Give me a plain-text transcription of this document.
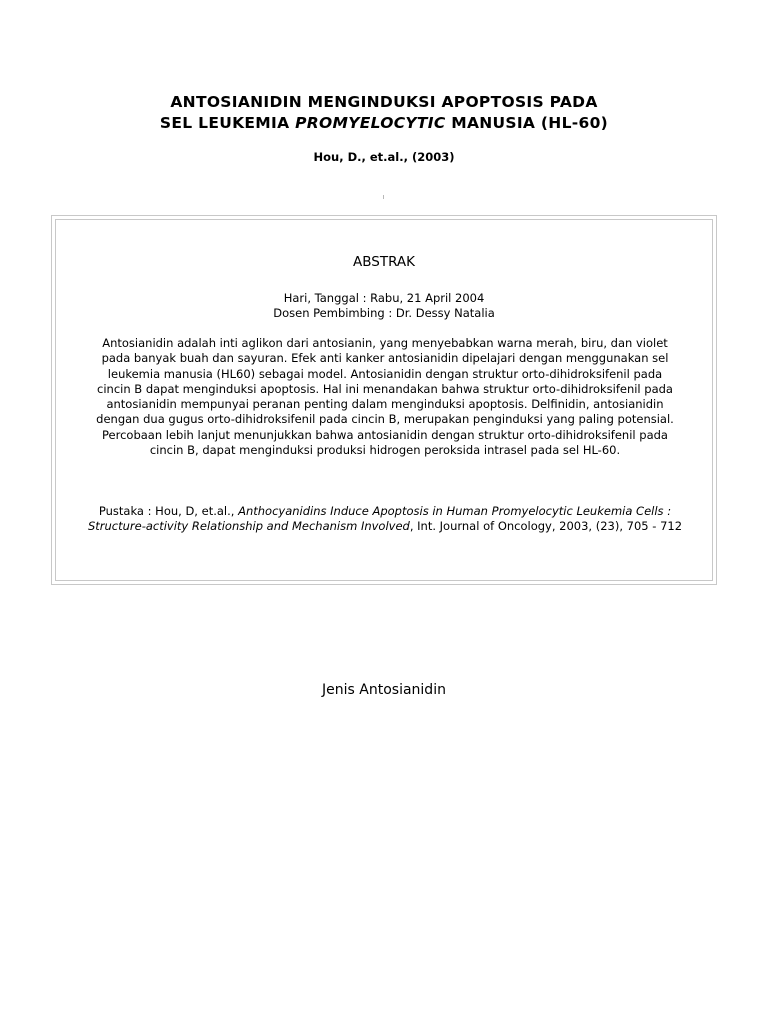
ANTOSIANIDIN MENGINDUKSI APOPTOSIS PADA
SEL LEUKEMIA PROMYELOCYTIC MANUSIA (HL-60)
Hou, D., et.al., (2003)
ABSTRAK
Hari, Tanggal : Rabu, 21 April 2004
Dosen Pembimbing : Dr. Dessy Natalia
Antosianidin adalah inti aglikon dari antosianin, yang menyebabkan warna merah, biru, dan violet pada banyak buah dan sayuran. Efek anti kanker antosianidin dipelajari dengan menggunakan sel leukemia manusia (HL60) sebagai model. Antosianidin dengan struktur orto-dihidroksifenil pada cincin B dapat menginduksi apoptosis. Hal ini menandakan bahwa struktur orto-dihidroksifenil pada antosianidin mempunyai peranan penting dalam menginduksi apoptosis. Delfinidin, antosianidin dengan dua gugus orto-dihidroksifenil pada cincin B, merupakan penginduksi yang paling potensial. Percobaan lebih lanjut menunjukkan bahwa antosianidin dengan struktur orto-dihidroksifenil pada cincin B, dapat menginduksi produksi hidrogen peroksida intrasel pada sel HL-60.
Pustaka : Hou, D, et.al., Anthocyanidins Induce Apoptosis in Human Promyelocytic Leukemia Cells : Structure-activity Relationship and Mechanism Involved, Int. Journal of Oncology, 2003, (23), 705 - 712
Jenis Antosianidin
